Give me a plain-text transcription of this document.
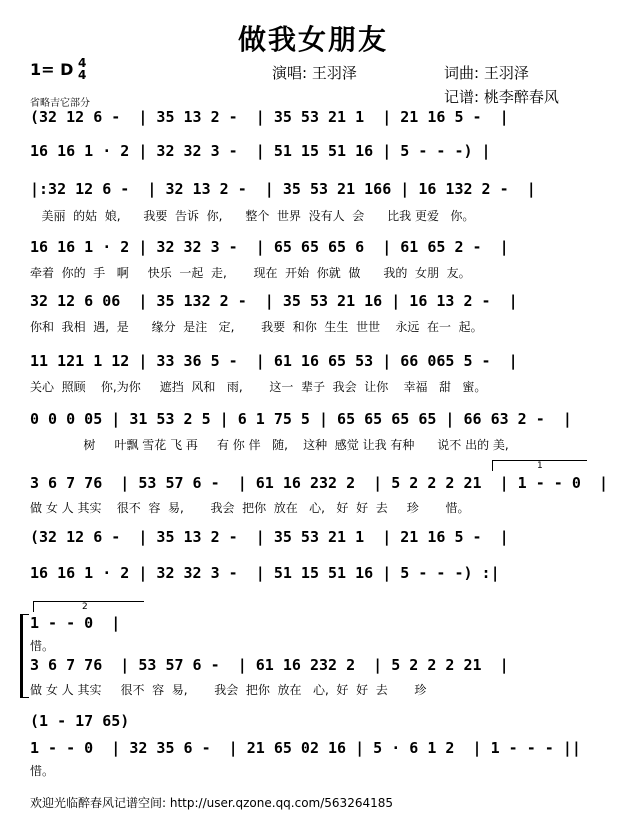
做我女朋友
1= D 4
4	演唱: 王羽泽	词曲: 王羽泽
记谱: 桃李醉春风
省略吉它部分
(32 12 6 -  | 35 13 2 -  | 35 53 21 1  | 21 16 5 -  |
16 16 1 · 2 | 32 32 3 -  | 51 15 51 16 | 5 - - -) |
|:32 12 6 -  | 32 13 2 -  | 35 53 21 166 | 16 132 2 -  |
美丽  的姑  娘,      我要  告诉  你,      整个  世界  没有人  会      比我 更爱   你。
16 16 1 · 2 | 32 32 3 -  | 65 65 65 6  | 61 65 2 -  |
牵着  你的  手   啊     快乐  一起  走,       现在  开始  你就  做      我的  女朋  友。
32 12 6 06  | 35 132 2 -  | 35 53 21 16 | 16 13 2 -  |
你和  我相  遇,  是      缘分  是注   定,       我要  和你  生生  世世    永远  在一  起。
11 121 1 12 | 33 36 5 -  | 61 16 65 53 | 66 065 5 -  |
关心  照顾    你,为你     遮挡  风和   雨,       这一  辈子  我会  让你    幸福   甜   蜜。
0 0 0 05 | 31 53 2 5 | 6 1 75 5 | 65 65 65 65 | 66 63 2 -  |
树     叶飘 雪花 飞 再     有 你 伴   随,    这种  感觉 让我 有种      说不 出的 美,
1
3 6 7 76  | 53 57 6 -  | 61 16 232 2  | 5 2 2 2 21  | 1 - - 0  |
做 女 人 其实    很不  容  易,       我会  把你  放在   心,   好  好  去     珍       惜。
(32 12 6 -  | 35 13 2 -  | 35 53 21 1  | 21 16 5 -  |
16 16 1 · 2 | 32 32 3 -  | 51 15 51 16 | 5 - - -) :|
2
1 - - 0  |
惜。
3 6 7 76  | 53 57 6 -  | 61 16 232 2  | 5 2 2 2 21  |
做 女 人 其实     很不  容  易,       我会  把你  放在   心,  好  好  去       珍
(1 - 17 65)
1 - - 0  | 32 35 6 -  | 21 65 02 16 | 5 · 6 1 2  | 1 - - - ||
惜。
欢迎光临醉春风记谱空间: http://user.qzone.qq.com/563264185
